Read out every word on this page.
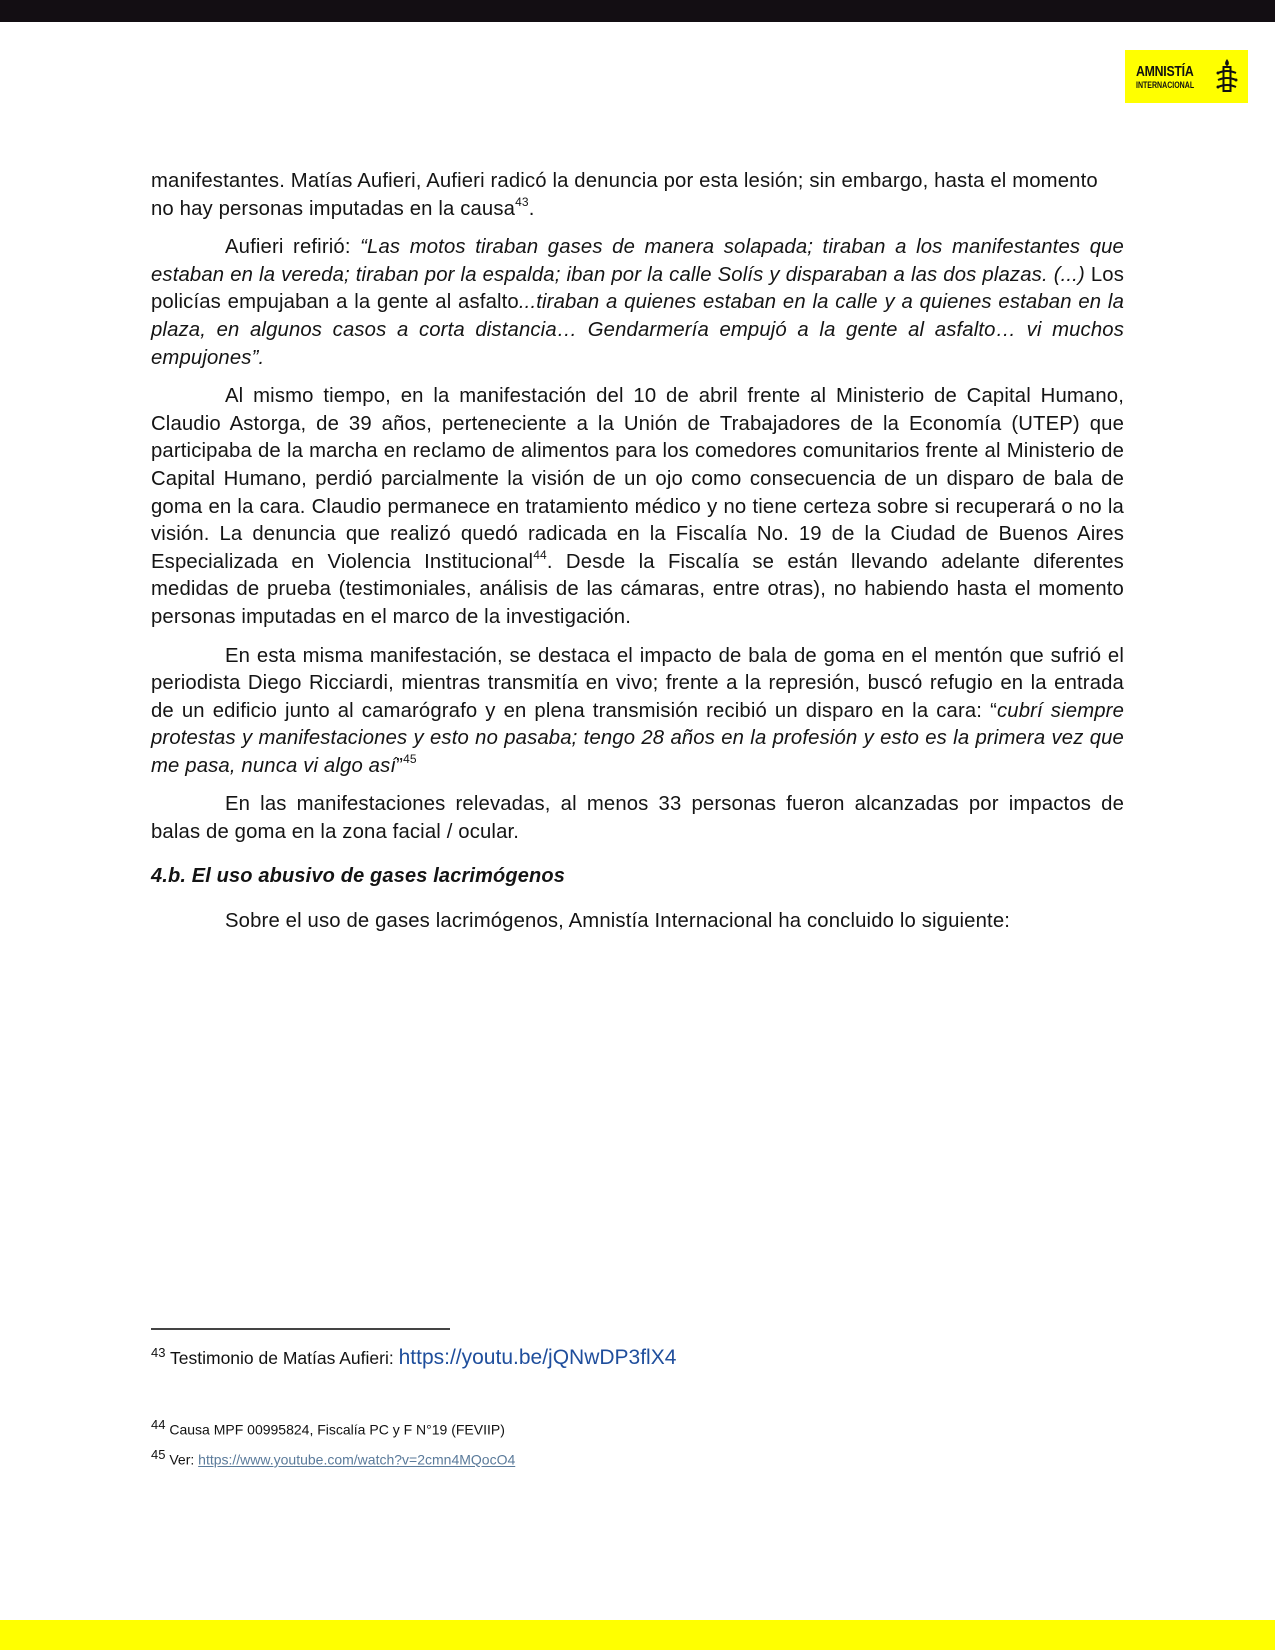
AMNISTÍA
INTERNACIONAL

manifestantes. Matías Aufieri, Aufieri radicó la denuncia por esta lesión; sin embargo, hasta el momento no hay personas imputadas en la causa$^{43}$.

Aufieri refirió: “Las motos tiraban gases de manera solapada; tiraban a los manifestantes que estaban en la vereda; tiraban por la espalda; iban por la calle Solís y disparaban a las dos plazas. (...) Los policías empujaban a la gente al asfalto...tiraban a quienes estaban en la calle y a quienes estaban en la plaza, en algunos casos a corta distancia… Gendarmería empujó a la gente al asfalto… vi muchos empujones”.

Al mismo tiempo, en la manifestación del 10 de abril frente al Ministerio de Capital Humano, Claudio Astorga, de 39 años, perteneciente a la Unión de Trabajadores de la Economía (UTEP) que participaba de la marcha en reclamo de alimentos para los comedores comunitarios frente al Ministerio de Capital Humano, perdió parcialmente la visión de un ojo como consecuencia de un disparo de bala de goma en la cara. Claudio permanece en tratamiento médico y no tiene certeza sobre si recuperará o no la visión. La denuncia que realizó quedó radicada en la Fiscalía No. 19 de la Ciudad de Buenos Aires Especializada en Violencia Institucional$^{44}$. Desde la Fiscalía se están llevando adelante diferentes medidas de prueba (testimoniales, análisis de las cámaras, entre otras), no habiendo hasta el momento personas imputadas en el marco de la investigación.

En esta misma manifestación, se destaca el impacto de bala de goma en el mentón que sufrió el periodista Diego Ricciardi, mientras transmitía en vivo; frente a la represión, buscó refugio en la entrada de un edificio junto al camarógrafo y en plena transmisión recibió un disparo en la cara: “cubrí siempre protestas y manifestaciones y esto no pasaba; tengo 28 años en la profesión y esto es la primera vez que me pasa, nunca vi algo así”$^{45}$

En las manifestaciones relevadas, al menos 33 personas fueron alcanzadas por impactos de balas de goma en la zona facial / ocular.

4.b. El uso abusivo de gases lacrimógenos

Sobre el uso de gases lacrimógenos, Amnistía Internacional ha concluido lo siguiente:

$^{43}$ Testimonio de Matías Aufieri: https://youtu.be/jQNwDP3flX4
$^{44}$ Causa MPF 00995824, Fiscalía PC y F N°19 (FEVIIP)
$^{45}$ Ver: https://www.youtube.com/watch?v=2cmn4MQocO4
